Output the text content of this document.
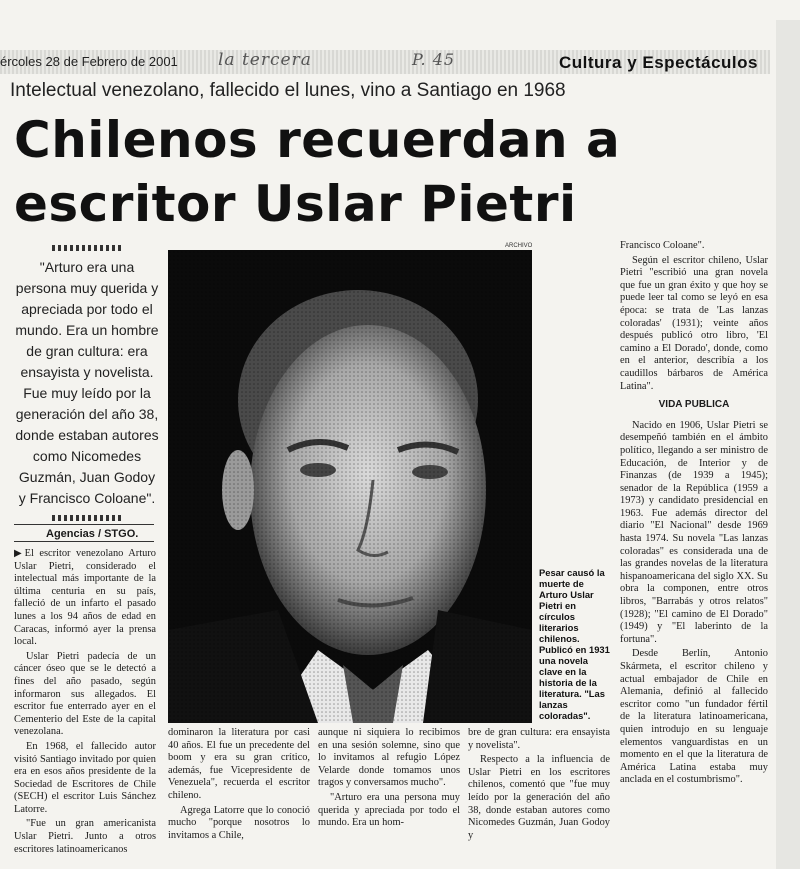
ércoles 28 de Febrero de 2001 la tercera	P. 45	Cultura y Espectáculos
Intelectual venezolano, fallecido el lunes, vino a Santiago en 1968
Chilenos recuerdan a
escritor Uslar Pietri

"Arturo era una persona muy querida y apreciada por todo el mundo. Era un hombre de gran cultura: era ensayista y novelista. Fue muy leído por la generación del año 38, donde estaban autores como Nicomedes Guzmán, Juan Godoy y Francisco Coloane".

Agencias / STGO.

▶El escritor venezolano Arturo Uslar Pietri, considerado el intelectual más importante de la última centuria en su país, falleció de un infarto el pasado lunes a los 94 años de edad en Caracas, informó ayer la prensa local.

Uslar Pietri padecía de un cáncer óseo que se le detectó a fines del año pasado, según informaron sus allegados. El escritor fue enterrado ayer en el Cementerio del Este de la capital venezolana.

En 1968, el fallecido autor visitó Santiago invitado por quien era en esos años presidente de la Sociedad de Escritores de Chile (SECH) el escritor Luis Sánchez Latorre.

"Fue un gran americanista Uslar Pietri. Junto a otros escritores latinoamericanos

ARCHIVO
Pesar causó la muerte de Arturo Uslar Pietri en círculos literarios chilenos. Publicó en 1931 una novela clave en la historia de la literatura. "Las lanzas coloradas".

dominaron la literatura por casi 40 años. El fue un precedente del boom y era su gran crítico, además, fue Vicepresidente de Venezuela", recuerda el escritor chileno.

Agrega Latorre que lo conoció mucho "porque nosotros lo invitamos a Chile,

aunque ni siquiera lo recibimos en una sesión solemne, sino que lo invitamos al refugio López Velarde donde tomamos unos tragos y conversamos mucho".

"Arturo era una persona muy querida y apreciada por todo el mundo. Era un hom-

bre de gran cultura: era ensayista y novelista".

Respecto a la influencia de Uslar Pietri en los escritores chilenos, comentó que "fue muy leído por la generación del año 38, donde estaban autores como Nicomedes Guzmán, Juan Godoy y

Francisco Coloane".

Según el escritor chileno, Uslar Pietri "escribió una gran novela que fue un gran éxito y que hoy se puede leer tal como se leyó en esa época: se trata de 'Las lanzas coloradas' (1931); veinte años después publicó otro libro, 'El camino a El Dorado', donde, como en el anterior, describía a los caudillos bárbaros de América Latina".

VIDA PUBLICA

Nacido en 1906, Uslar Pietri se desempeñó también en el ámbito político, llegando a ser ministro de Educación, de Interior y de Finanzas (de 1939 a 1945); senador de la República (1959 a 1973) y candidato presidencial en 1963. Fue además director del diario "El Nacional" desde 1969 hasta 1974. Su novela "Las lanzas coloradas" es considerada una de las grandes novelas de la literatura hispanoamericana del siglo XX. Su obra la componen, entre otros libros, "Barrabás y otros relatos" (1928); "El camino de El Dorado" (1949) y "El laberinto de la fortuna".

Desde Berlín, Antonio Skármeta, el escritor chileno y actual embajador de Chile en Alemania, definió al fallecido escritor como "un fundador fértil de la literatura latinoamericana, quien introdujo en su lenguaje elementos vanguardistas en un momento en el que la literatura de América Latina estaba muy anclada en el costumbrismo".
